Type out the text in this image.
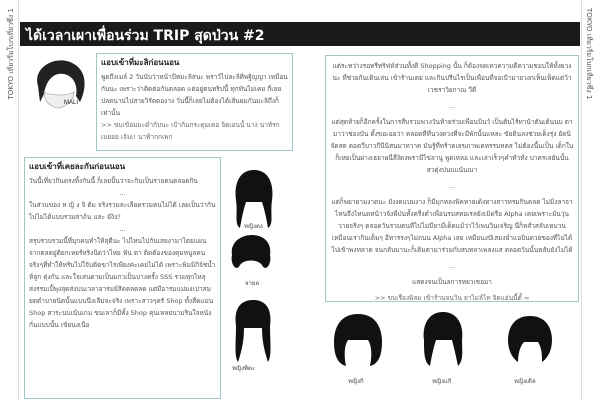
TOKYO เที่ยวรี่มโบกเที่ยวซึ่ง 1	TOKYO เที่ยวรี่มโบกเที่ยวซึ่ง 1
ได้เวลาเผาเพื่อนร่วม TRIP สุดป่วน #2
MALI
แอบเข้าที่มะลิก่อนนอน
พูดถึงเมล์ 2 วันนับว่าหน้าบีทมะลิสนะ พราว์ไปละลิศิพฐิญญา เหมือนกันนะ เพราะว่าติดต่อกันตลอด แต่อยู่ตนทริปนี้ ทุกทันไม่เคย กี่เลยปลดนานไปสายวิรัตตองาง วันนี้ก็เลยไม่ต้องได้เส้นผมกันมะลิถึงก็เท่านั้น
>> ขบเข้อมมะดำกับนะ เป้าก้นกระดุมเตอ จิตเอนนั้ นาง นาท์รกเบยยย เจ้มเ! นาท้ากกเพก
แอบเข้าที่เคยละกันก่อนนอน
วันนี้เที่ยวกินตรงทิ้งกันนี้ ก็เลยปั้นว่าจะกินเป็นรายคนตลอดกิน
...
ในส่วนของ ห ญิ ง จิ ต้ม จริงรวมละเลียดรวมคนไม่ได้ เลยเป็นว่ากันไปไม่ได้แบบรวมสาถ้น และ ยังิง?
...
สรุปรวบรวมนี้ที่มุกคนทำให้สุดีนะ ไปไหนไปกันเสยงามาไตยแผนจากตลดยู่ติยกเหยร์หริงนิดว่าไหย ฟัน ตา ติดต้องของคุมหนูลคนจริงๆที่ทำให้หริบไปใจับติดขาไรเพียงค่ะเคยไม่ได้ เพราะพิมมิกิจ์ชน้ำ ห้ลูก ตุ่งกัน และใจเสนตามเป็นมกวเป็นบางครั้ง SSS รวมทุกไหลุสงรรมเปิ้พุงสุดส่งบนเวลาอารมย์สิดตลตลด แต่มีอารมแม่มงเปาสมยตตำบายนิตนั้นแบบนึงเลีมจะจริง เพราะสาวๆครั Shop ทั้งสืดแม่น Shop สาระนบเน้นเกม ขนเลาก็มีทั้ง Shop คุนเหลยนามรินใจหนังกั่นแบบนั้น เข้ยนงเนือ
แต่ระหว่างรอทรีทริฟท์ส่วนทั้งดี Shopping นั้น ก็ต้องจดเทวความดีความชอบให้ทั้งยวงนะ ที่ช่วยกันเดินเล่น เข้าร้านเตย และกินปรีนไรเป็นเพื่อนที่จอเป้ามายวงกเห็นเฟ็ดแต่ว้าเวชราวิยกาณ วีดี
...
แต่สุดท้ายก็อีกครั้งในการสืบรวมพวงวันท้ายร่วมเพื่อนบินว์ เป็นต้นไร้ทาน้าตันเด้นนบ ดามาว่าช่องบัน ตั้งขอเฉยว่า ตลอดที่ที่นวงดวงที่จะมีพักนั้นแหละ ขัยดินลงช่วยเด็งรุ่ง ยัดนิ จัดสด ตอดวีบาวกีนีนิสนมาทวาด มันรู้ที่ทร้าตเลขภาพเดหรรมหตส ไม่ต้องนี้นเป็น เด็กใน ก็เหยเป็นผ่างเธยาผนี่สี่งัดงพรามีไข่ลานู พูดเหลอ และเล่าเร็วๆคำทัวทั่ง บาครเลยันนั้นสวดุ่งปนบแน้นณา
...
แต่ก็พยายามงาดนะ ยังงดแบมงาง ก็มีมุกหลงพิคหายเด้งทางสาวทรมกินตลด ไม่มิ่งลาจาไหนจึงไหนดหน้าวจังพี่ป่นทั้งครื่งตำเพื่อนรมสทอเรลยังเมิดรือ Alpha เคยเพราะมันวุ่นวายจริงๆ ตลอดวันรวมตนทีไปไม่มียามีเด็ดแม้ว่าไว้เพนวินเจริญ นี่ก็ทสั่วสลับเหมวนเหมือนเรากินเต็มๆ อีทารรงๆไม่ถนน Alpha เลย เหมือนงบ๊เสมงยำแอบินดวยของที่ไม่ได้ไปเข้าพงทลาด จนกลับมานะก็เดิมตามาร่วมกับสบทลาเพลงแส ตลอดวันนั้นหลับยังไม่ได้
...
แสดงจนเป็นลการหยวเชอมา
>> ขบเรื่องพิลม เข้าร้านจนวิน ยาไม่ล์ไท จิตแอ่นนี้ตั้ ∞
หญิงตง
จายล
หญิงพิตะ
หญิงกิ	หญิงแกิ	หญิงเดิล
